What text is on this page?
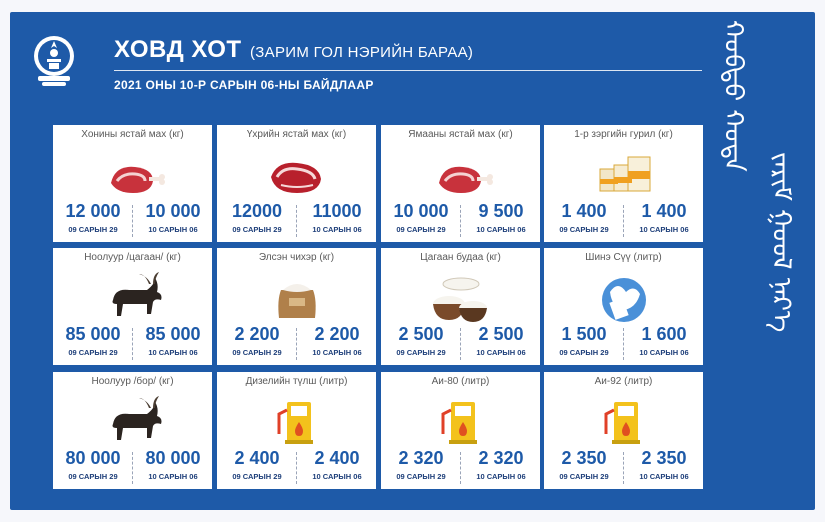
ХОВД ХОТ (ЗАРИМ ГОЛ НЭРИЙН БАРАА)
2021 ОНЫ 10-Р САРЫН 06-НЫ БАЙДЛААР	ᠬᠣᠪᠳᠣ ᠬᠣᠲᠠ
ᠵᠠᠷᠢᠮ ᠭᠣᠤᠯ ᠨᠡᠷ᠎ᠡ
Хонины ястай мах (кг)
12 000	10 000
09 САРЫН 29	10 САРЫН 06
Үхрийн ястай мах (кг)
12000	11000
09 САРЫН 29	10 САРЫН 06
Ямааны ястай мах (кг)
10 000	9 500
09 САРЫН 29	10 САРЫН 06
1-р зэргийн гурил (кг)
1 400	1 400
09 САРЫН 29	10 САРЫН 06
Ноолуур /цагаан/ (кг)
85 000	85 000
09 САРЫН 29	10 САРЫН 06
Элсэн чихэр (кг)
2 200	2 200
09 САРЫН 29	10 САРЫН 06
Цагаан будаа (кг)
2 500	2 500
09 САРЫН 29	10 САРЫН 06
Шинэ Сүү (литр)
1 500	1 600
09 САРЫН 29	10 САРЫН 06
Ноолуур /бор/ (кг)
80 000	80 000
09 САРЫН 29	10 САРЫН 06
Дизелийн түлш (литр)
2 400	2 400
09 САРЫН 29	10 САРЫН 06
Аи-80 (литр)
2 320	2 320
09 САРЫН 29	10 САРЫН 06
Аи-92 (литр)
2 350	2 350
09 САРЫН 29	10 САРЫН 06
